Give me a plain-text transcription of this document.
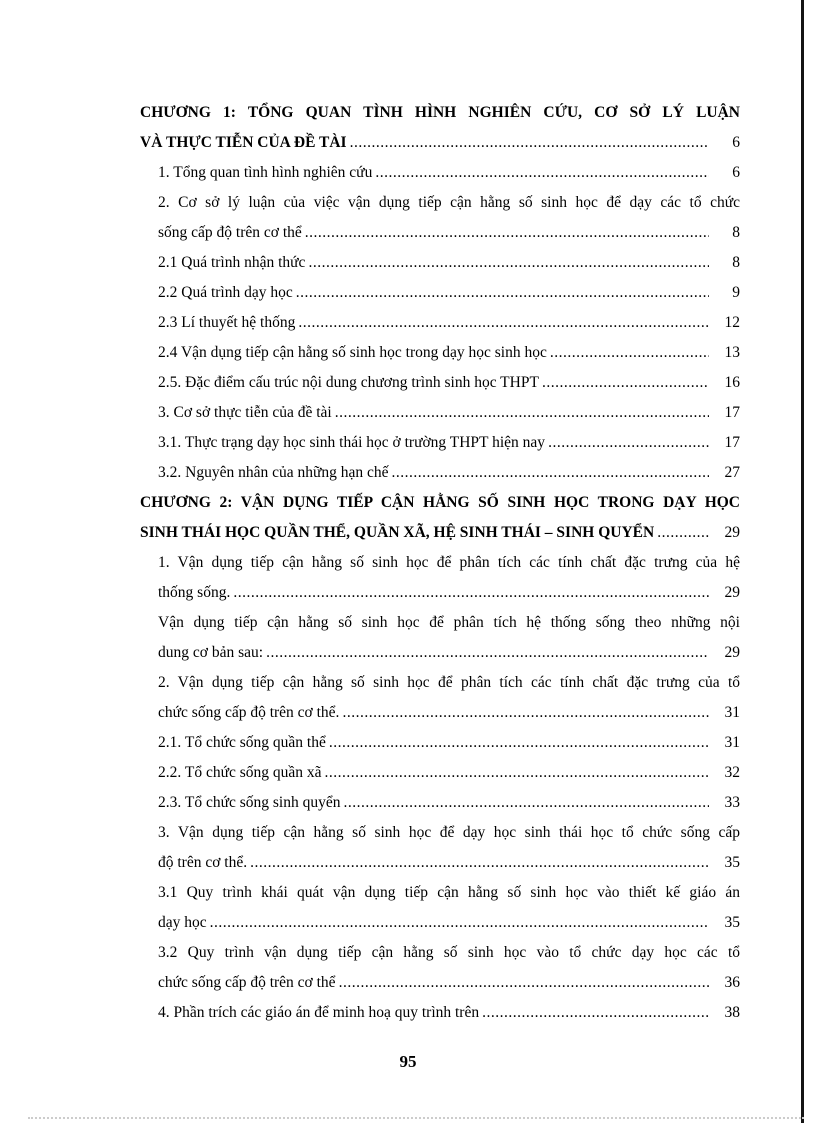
CHƯƠNG 1: TỔNG QUAN TÌNH HÌNH NGHIÊN CỨU, CƠ SỞ LÝ LUẬN
VÀ THỰC TIỄN CỦA ĐỀ TÀI .....	6
1. Tổng quan tình hình nghiên cứu .....	6
2. Cơ sở lý luận của việc vận dụng tiếp cận hằng số sinh học để dạy các tổ chức
sống cấp độ trên cơ thể .....	8
2.1 Quá trình nhận thức .....	8
2.2 Quá trình dạy học .....	9
2.3 Lí thuyết hệ thống .....	12
2.4 Vận dụng tiếp cận hằng số sinh học trong dạy học sinh học .....	13
2.5. Đặc điểm cấu trúc nội dung chương trình sinh học THPT .....	16
3. Cơ sở thực tiễn của đề tài .....	17
3.1. Thực trạng dạy học sinh thái học ở trường THPT hiện nay .....	17
3.2. Nguyên nhân của những hạn chế .....	27
CHƯƠNG 2: VẬN DỤNG TIẾP CẬN HẰNG SỐ SINH HỌC TRONG DẠY HỌC
SINH THÁI HỌC QUẦN THỂ, QUẦN XÃ, HỆ SINH THÁI – SINH QUYỂN .....	29
1. Vận dụng tiếp cận hằng số sinh học để phân tích các tính chất đặc trưng của hệ
thống sống. .....	29
Vận dụng tiếp cận hằng số sinh học để phân tích hệ thống sống theo những nội
dung cơ bản sau: .....	29
2. Vận dụng tiếp cận hằng số sinh học để phân tích các tính chất đặc trưng của tổ
chức sống cấp độ trên cơ thể. .....	31
2.1. Tổ chức sống quần thể .....	31
2.2. Tổ chức sống quần xã .....	32
2.3. Tổ chức sống sinh quyển .....	33
3. Vận dụng tiếp cận hằng số sinh học để dạy học sinh thái học tổ chức sống cấp
độ trên cơ thể. .....	35
3.1 Quy trình khái quát vận dụng tiếp cận hằng số sinh học vào thiết kế giáo án
dạy học .....	35
3.2 Quy trình vận dụng tiếp cận hằng số sinh học vào tổ chức dạy học các tổ
chức sống cấp độ trên cơ thể .....	36
4. Phần trích các giáo án để minh hoạ quy trình trên .....	38
95
